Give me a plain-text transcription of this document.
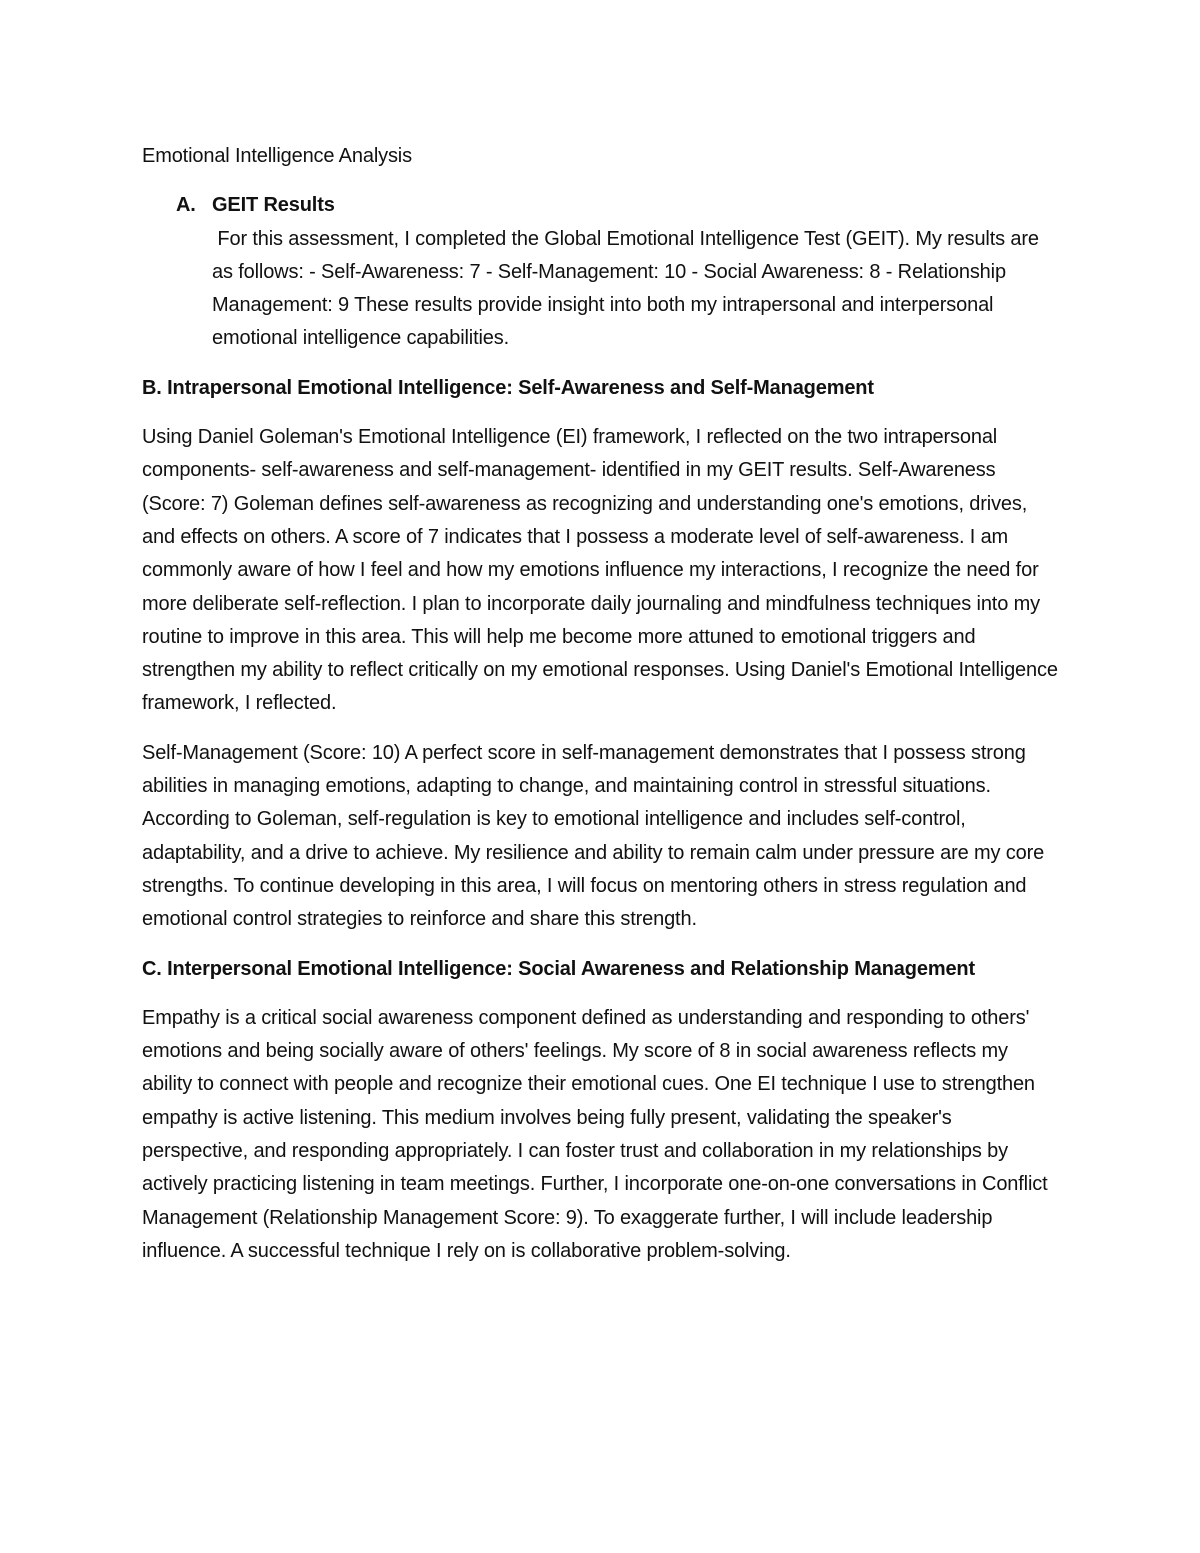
Emotional Intelligence Analysis

A. GEIT Results
For this assessment, I completed the Global Emotional Intelligence Test (GEIT). My results are as follows: - Self-Awareness: 7 - Self-Management: 10 - Social Awareness: 8 - Relationship Management: 9 These results provide insight into both my intrapersonal and interpersonal emotional intelligence capabilities.

B. Intrapersonal Emotional Intelligence: Self-Awareness and Self-Management

Using Daniel Goleman's Emotional Intelligence (EI) framework, I reflected on the two intrapersonal components- self-awareness and self-management- identified in my GEIT results. Self-Awareness (Score: 7) Goleman defines self-awareness as recognizing and understanding one's emotions, drives, and effects on others. A score of 7 indicates that I possess a moderate level of self-awareness. I am commonly aware of how I feel and how my emotions influence my interactions, I recognize the need for more deliberate self-reflection. I plan to incorporate daily journaling and mindfulness techniques into my routine to improve in this area. This will help me become more attuned to emotional triggers and strengthen my ability to reflect critically on my emotional responses. Using Daniel's Emotional Intelligence framework, I reflected.

Self-Management (Score: 10) A perfect score in self-management demonstrates that I possess strong abilities in managing emotions, adapting to change, and maintaining control in stressful situations. According to Goleman, self-regulation is key to emotional intelligence and includes self-control, adaptability, and a drive to achieve. My resilience and ability to remain calm under pressure are my core strengths. To continue developing in this area, I will focus on mentoring others in stress regulation and emotional control strategies to reinforce and share this strength.

C. Interpersonal Emotional Intelligence: Social Awareness and Relationship Management

Empathy is a critical social awareness component defined as understanding and responding to others' emotions and being socially aware of others' feelings. My score of 8 in social awareness reflects my ability to connect with people and recognize their emotional cues. One EI technique I use to strengthen empathy is active listening. This medium involves being fully present, validating the speaker's perspective, and responding appropriately. I can foster trust and collaboration in my relationships by actively practicing listening in team meetings. Further, I incorporate one-on-one conversations in Conflict Management (Relationship Management Score: 9). To exaggerate further, I will include leadership influence. A successful technique I rely on is collaborative problem-solving.
